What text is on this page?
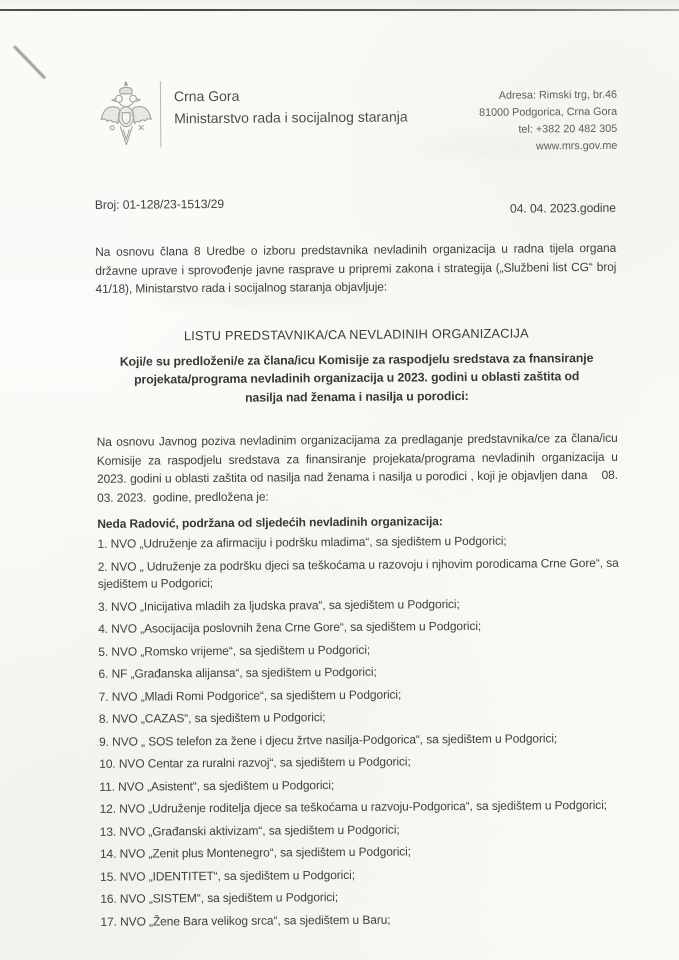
Crna Gora
Ministarstvo rada i socijalnog staranja
Adresa: Rimski trg, br.46
81000 Podgorica, Crna Gora
tel: +382 20 482 305
www.mrs.gov.me
Broj: 01-128/23-1513/29	04. 04. 2023.godine

Na osnovu člana 8 Uredbe o izboru predstavnika nevladinih organizacija u radna tijela organa državne uprave i sprovođenje javne rasprave u pripremi zakona i strategija („Službeni list CG“ broj 41/18), Ministarstvo rada i socijalnog staranja objavljuje:

LISTU PREDSTAVNIKA/CA NEVLADINIH ORGANIZACIJA
Koji/e su predloženi/e za člana/icu Komisije za raspodjelu sredstava za fnansiranje projekata/programa nevladinih organizacija u 2023. godini u oblasti zaštita od nasilja nad ženama i nasilja u porodici:

Na osnovu Javnog poziva nevladinim organizacijama za predlaganje predstavnika/ce za člana/icu Komisije za raspodjelu sredstava za finansiranje projekata/programa nevladinih organizacija u 2023. godini u oblasti zaštita od nasilja nad ženama i nasilja u porodici , koji je objavljen dana    08. 03. 2023.  godine, predložena je:

Neda Radović, podržana od sljedećih nevladinih organizacija:

1. NVO „Udruženje za afirmaciju i podršku mladima“, sa sjedištem u Podgorici;

2. NVO „ Udruženje za podršku djeci sa teškoćama u razovoju i njhovim porodicama Crne Gore“, sa sjedištem u Podgorici;

3. NVO „Inicijativa mladih za ljudska prava“, sa sjedištem u Podgorici;

4. NVO „Asocijacija poslovnih žena Crne Gore“, sa sjedištem u Podgorici;

5. NVO „Romsko vrijeme“, sa sjedištem u Podgorici;

6. NF „Građanska alijansa“, sa sjedištem u Podgorici;

7. NVO „Mladi Romi Podgorice“, sa sjedištem u Podgorici;

8. NVO „CAZAS“, sa sjedištem u Podgorici;

9. NVO „ SOS telefon za žene i djecu žrtve nasilja-Podgorica“, sa sjedištem u Podgorici;

10. NVO Centar za ruralni razvoj“, sa sjedištem u Podgorici;

11. NVO „Asistent“, sa sjedištem u Podgorici;

12. NVO „Udruženje roditelja djece sa teškoćama u razvoju-Podgorica“, sa sjedištem u Podgorici;

13. NVO „Građanski aktivizam“, sa sjedištem u Podgorici;

14. NVO „Zenit plus Montenegro“, sa sjedištem u Podgorici;

15. NVO „IDENTITET“, sa sjedištem u Podgorici;

16. NVO „SISTEM“, sa sjedištem u Podgorici;

17. NVO „Žene Bara velikog srca“, sa sjedištem u Baru;
